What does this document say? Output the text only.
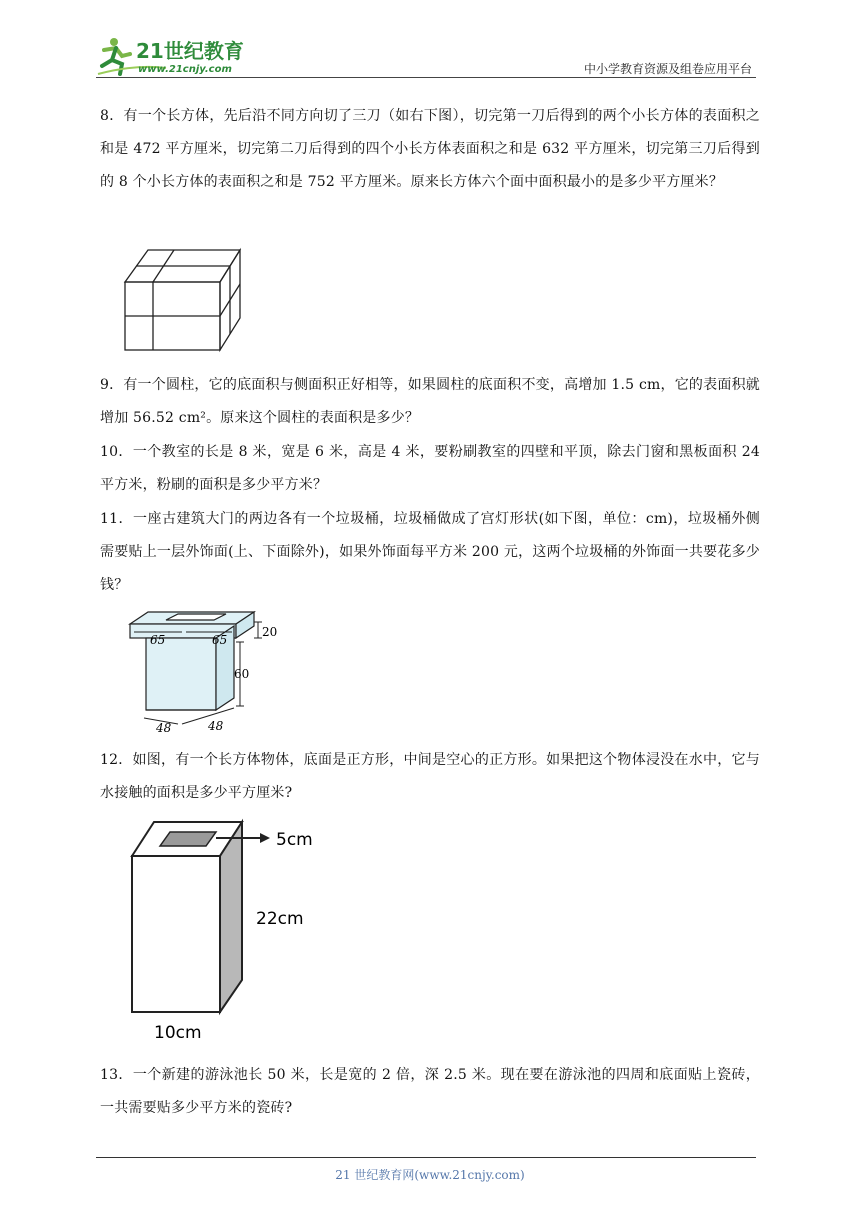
21世纪教育
www.21cnjy.com	中小学教育资源及组卷应用平台

8．有一个长方体，先后沿不同方向切了三刀（如右下图），切完第一刀后得到的两个小长方体的表面积之和是 472 平方厘米，切完第二刀后得到的四个小长方体表面积之和是 632 平方厘米，切完第三刀后得到的 8 个小长方体的表面积之和是 752 平方厘米。原来长方体六个面中面积最小的是多少平方厘米？

9．有一个圆柱，它的底面积与侧面积正好相等，如果圆柱的底面积不变，高增加 1.5 cm，它的表面积就增加 56.52 cm²。原来这个圆柱的表面积是多少？

10．一个教室的长是 8 米，宽是 6 米，高是 4 米，要粉刷教室的四壁和平顶，除去门窗和黑板面积 24 平方米，粉刷的面积是多少平方米？

11．一座古建筑大门的两边各有一个垃圾桶，垃圾桶做成了宫灯形状(如下图，单位：cm)，垃圾桶外侧需要贴上一层外饰面(上、下面除外)，如果外饰面每平方米 200 元，这两个垃圾桶的外饰面一共要花多少钱？

65	65
20
60
48	48

12．如图，有一个长方体物体，底面是正方形，中间是空心的正方形。如果把这个物体浸没在水中，它与水接触的面积是多少平方厘米?

5cm
22cm
10cm

13．一个新建的游泳池长 50 米，长是宽的 2 倍，深 2.5 米。现在要在游泳池的四周和底面贴上瓷砖，一共需要贴多少平方米的瓷砖?

21 世纪教育网(www.21cnjy.com)
